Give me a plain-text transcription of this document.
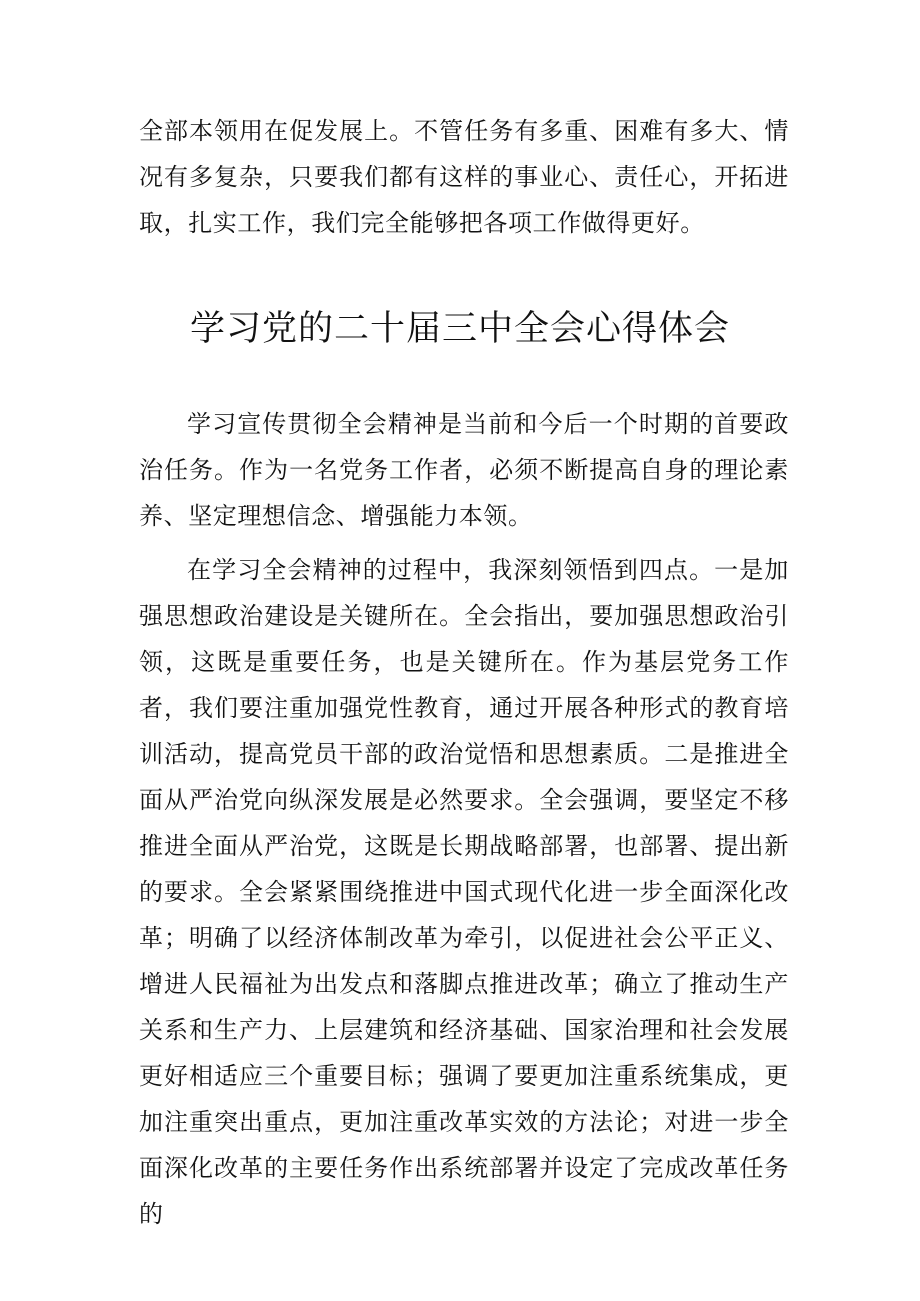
全部本领用在促发展上。不管任务有多重、困难有多大、情况有多复杂，只要我们都有这样的事业心、责任心，开拓进取，扎实工作，我们完全能够把各项工作做得更好。

学习党的二十届三中全会心得体会

学习宣传贯彻全会精神是当前和今后一个时期的首要政治任务。作为一名党务工作者，必须不断提高自身的理论素养、坚定理想信念、增强能力本领。

在学习全会精神的过程中，我深刻领悟到四点。一是加强思想政治建设是关键所在。全会指出，要加强思想政治引领，这既是重要任务，也是关键所在。作为基层党务工作者，我们要注重加强党性教育，通过开展各种形式的教育培训活动，提高党员干部的政治觉悟和思想素质。二是推进全面从严治党向纵深发展是必然要求。全会强调，要坚定不移推进全面从严治党，这既是长期战略部署，也部署、提出新的要求。全会紧紧围绕推进中国式现代化进一步全面深化改革；明确了以经济体制改革为牵引，以促进社会公平正义、增进人民福祉为出发点和落脚点推进改革；确立了推动生产关系和生产力、上层建筑和经济基础、国家治理和社会发展更好相适应三个重要目标；强调了要更加注重系统集成，更加注重突出重点，更加注重改革实效的方法论；对进一步全面深化改革的主要任务作出系统部署并设定了完成改革任务的
